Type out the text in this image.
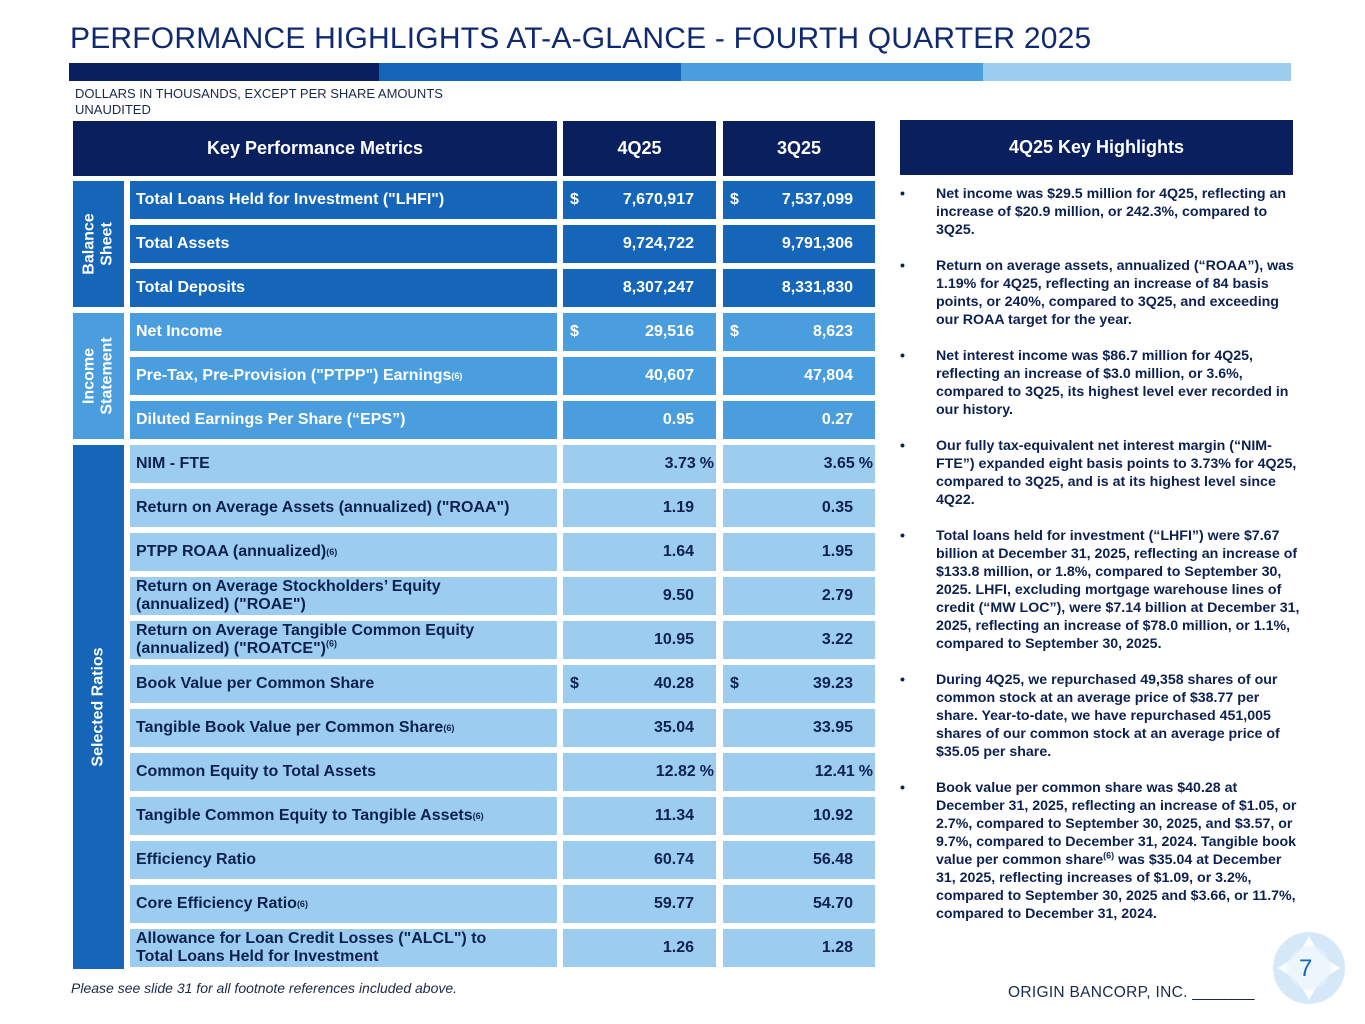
PERFORMANCE HIGHLIGHTS AT-A-GLANCE - FOURTH QUARTER 2025
DOLLARS IN THOUSANDS, EXCEPT PER SHARE AMOUNTS
UNAUDITED
Key Performance Metrics	4Q25	3Q25
Balance Sheet
Income Statement
Selected Ratios
Total Loans Held for Investment ("LHFI")	$	7,670,917	$	7,537,099
Total Assets	9,724,722	9,791,306
Total Deposits	8,307,247	8,331,830
Net Income	$	29,516	$	8,623
Pre-Tax, Pre-Provision ("PTPP") Earnings (6)	40,607	47,804
Diluted Earnings Per Share (“EPS”)	0.95	0.27
NIM - FTE	3.73 %	3.65 %
Return on Average Assets (annualized) ("ROAA")	1.19	0.35
PTPP ROAA (annualized) (6)	1.64	1.95
Return on Average Stockholders’ Equity
(annualized) ("ROAE")
9.50	2.79
Return on Average Tangible Common Equity
(annualized) ("ROATCE")$^{(6)}$	10.95	3.22
Book Value per Common Share	$	40.28	$	39.23
Tangible Book Value per Common Share (6)	35.04	33.95
Common Equity to Total Assets	12.82 %	12.41 %
Tangible Common Equity to Tangible Assets (6)	11.34	10.92
Efficiency Ratio	60.74	56.48
Core Efficiency Ratio (6)	59.77	54.70
Allowance for Loan Credit Losses ("ALCL") to
Total Loans Held for Investment
1.26	1.28
4Q25 Key Highlights
• Net income was $29.5 million for 4Q25, reflecting an increase of $20.9 million, or 242.3%, compared to 3Q25.
• Return on average assets, annualized (“ROAA”), was 1.19% for 4Q25, reflecting an increase of 84 basis points, or 240%, compared to 3Q25, and exceeding our ROAA target for the year.
• Net interest income was $86.7 million for 4Q25, reflecting an increase of $3.0 million, or 3.6%, compared to 3Q25, its highest level ever recorded in our history.
• Our fully tax-equivalent net interest margin (“NIM-FTE”) expanded eight basis points to 3.73% for 4Q25, compared to 3Q25, and is at its highest level since 4Q22.
• Total loans held for investment (“LHFI”) were $7.67 billion at December 31, 2025, reflecting an increase of $133.8 million, or 1.8%, compared to September 30, 2025. LHFI, excluding mortgage warehouse lines of credit (“MW LOC”), were $7.14 billion at December 31, 2025, reflecting an increase of $78.0 million, or 1.1%, compared to September 30, 2025.
• During 4Q25, we repurchased 49,358 shares of our common stock at an average price of $38.77 per share. Year-to-date, we have repurchased 451,005 shares of our common stock at an average price of $35.05 per share.
• Book value per common share was $40.28 at December 31, 2025, reflecting an increase of $1.05, or 2.7%, compared to September 30, 2025, and $3.57, or 9.7%, compared to December 31, 2024. Tangible book value per common share$^{(6)}$ was $35.04 at December 31, 2025, reflecting increases of $1.09, or 3.2%, compared to September 30, 2025 and $3.66, or 11.7%, compared to December 31, 2024.
Please see slide 31 for all footnote references included above.
7
ORIGIN BANCORP, INC. _______
